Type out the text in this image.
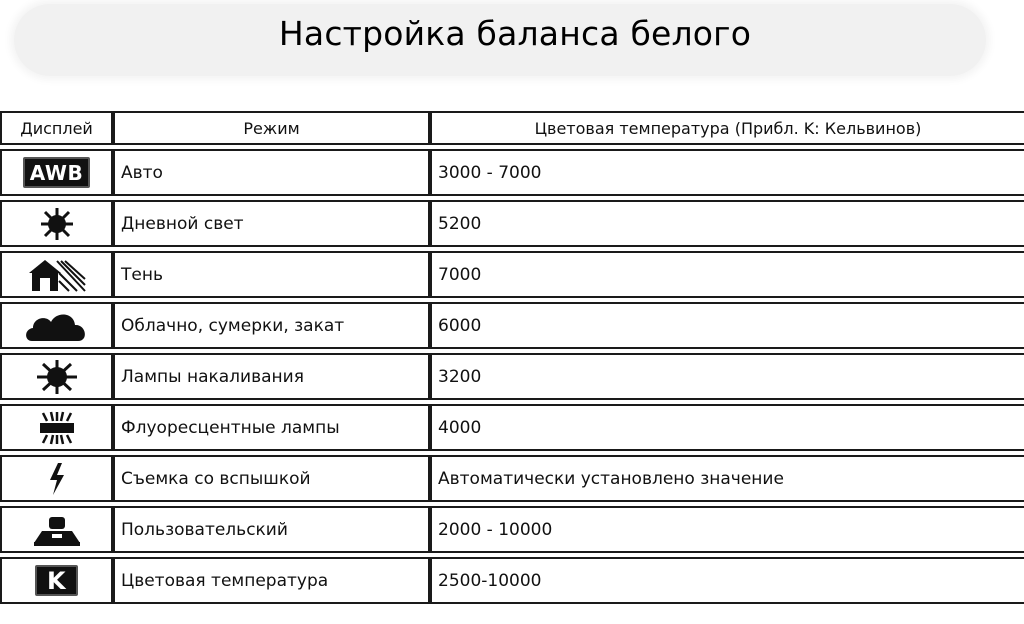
Настройка баланса белого
Дисплей	Режим	Цветовая температура (Прибл. K: Кельвинов)
AWB	Авто	3000 - 7000

	Дневной свет	5200

	Тень	7000

	Облачно, сумерки, закат	6000

	Лампы накаливания	3200

	Флуоресцентные лампы	4000

	Съемка со вспышкой	Автоматически установлено значение

	Пользовательский	2000 - 10000
K	Цветовая температура	2500-10000
